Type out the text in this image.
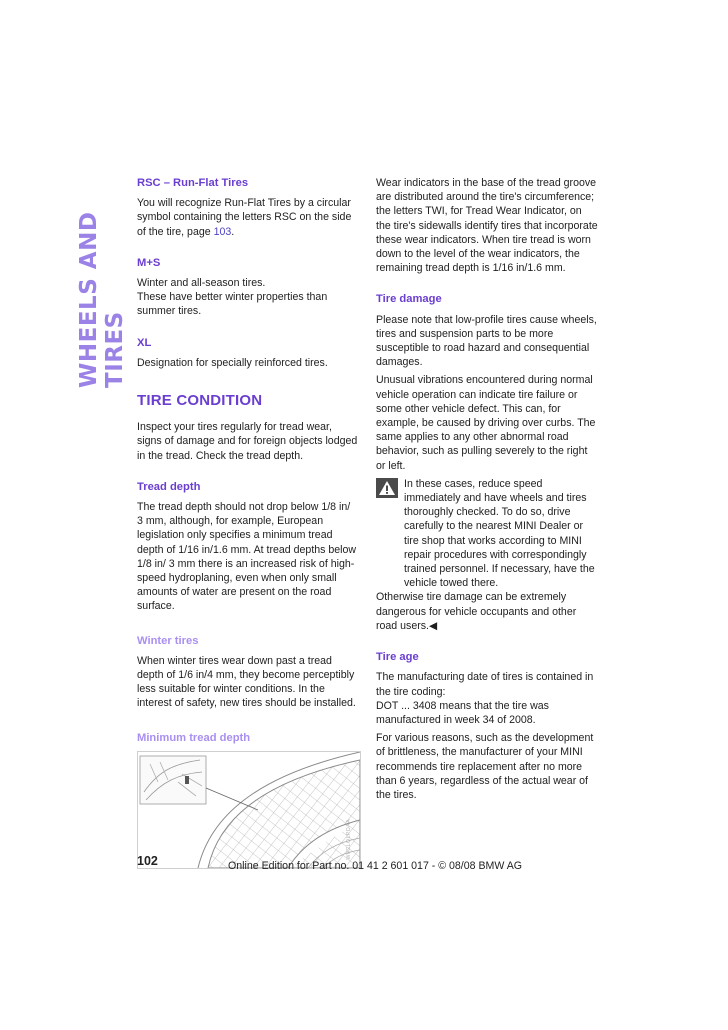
WHEELS AND TIRES
RSC – Run-Flat Tires

You will recognize Run-Flat Tires by a circular symbol containing the letters RSC on the side of the tire, page 103.

M+S

Winter and all-season tires.

These have better winter properties than summer tires.

XL

Designation for specially reinforced tires.

TIRE CONDITION

Inspect your tires regularly for tread wear, signs of damage and for foreign objects lodged in the tread. Check the tread depth.

Tread depth

The tread depth should not drop below 1/8 in/ 3 mm, although, for example, European legislation only specifies a minimum tread depth of 1/16 in/1.6 mm. At tread depths below 1/8 in/ 3 mm there is an increased risk of high-speed hydroplaning, even when only small amounts of water are present on the road surface.

Winter tires

When winter tires wear down past a tread depth of 1/6 in/4 mm, they become perceptibly less suitable for winter conditions. In the interest of safety, new tires should be installed.

Minimum tread depth
W0CLOLPDAA

Wear indicators in the base of the tread groove are distributed around the tire's circumference; the letters TWI, for Tread Wear Indicator, on the tire's sidewalls identify tires that incorporate these wear indicators. When tire tread is worn down to the level of the wear indicators, the remaining tread depth is 1/16 in/1.6 mm.

Tire damage

Please note that low-profile tires cause wheels, tires and suspension parts to be more susceptible to road hazard and consequential damages.

Unusual vibrations encountered during normal vehicle operation can indicate tire failure or some other vehicle defect. This can, for example, be caused by driving over curbs. The same applies to any other abnormal road behavior, such as pulling severely to the right or left.

In these cases, reduce speed immediately and have wheels and tires thoroughly checked. To do so, drive carefully to the nearest MINI Dealer or tire shop that works according to MINI repair procedures with correspondingly trained personnel. If necessary, have the vehicle towed there.

Otherwise tire damage can be extremely dangerous for vehicle occupants and other road users.◀

Tire age

The manufacturing date of tires is contained in the tire coding:

DOT ... 3408 means that the tire was manufactured in week 34 of 2008.

For various reasons, such as the development of brittleness, the manufacturer of your MINI recommends tire replacement after no more than 6 years, regardless of the actual wear of the tires.

102	Online Edition for Part no. 01 41 2 601 017 - © 08/08 BMW AG
